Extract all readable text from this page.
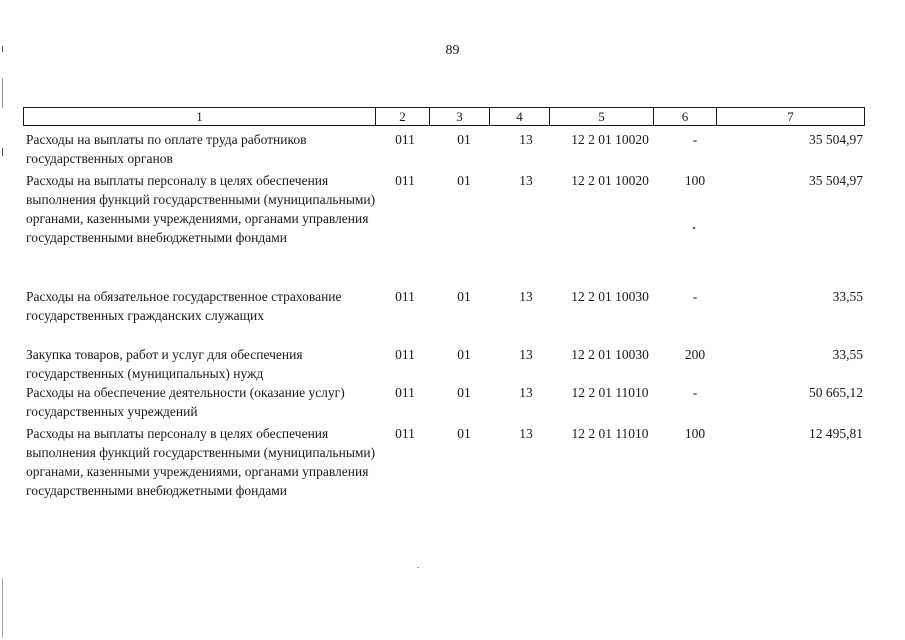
89
1	2	3	4	5	6	7
Расходы на выплаты по оплате труда работников государственных органов
011	01	13	12 2 01 10020	-	35 504,97
Расходы на выплаты персоналу в целях обеспечения выполнения функций государственными (муниципальными) органами, казенными учреждениями, органами управления государственными внебюджетными фондами
011	01	13	12 2 01 10020	100	35 504,97
Расходы на обязательное государственное страхование государственных гражданских служащих
011	01	13	12 2 01 10030	-	33,55
Закупка товаров, работ и услуг для обеспечения государственных (муниципальных) нужд
011	01	13	12 2 01 10030	200	33,55
Расходы на обеспечение деятельности (оказание услуг) государственных учреждений
011	01	13	12 2 01 11010	-	50 665,12
Расходы на выплаты персоналу в целях обеспечения выполнения функций государственными (муниципальными) органами, казенными учреждениями, органами управления государственными внебюджетными фондами
011	01	13	12 2 01 11010	100	12 495,81
